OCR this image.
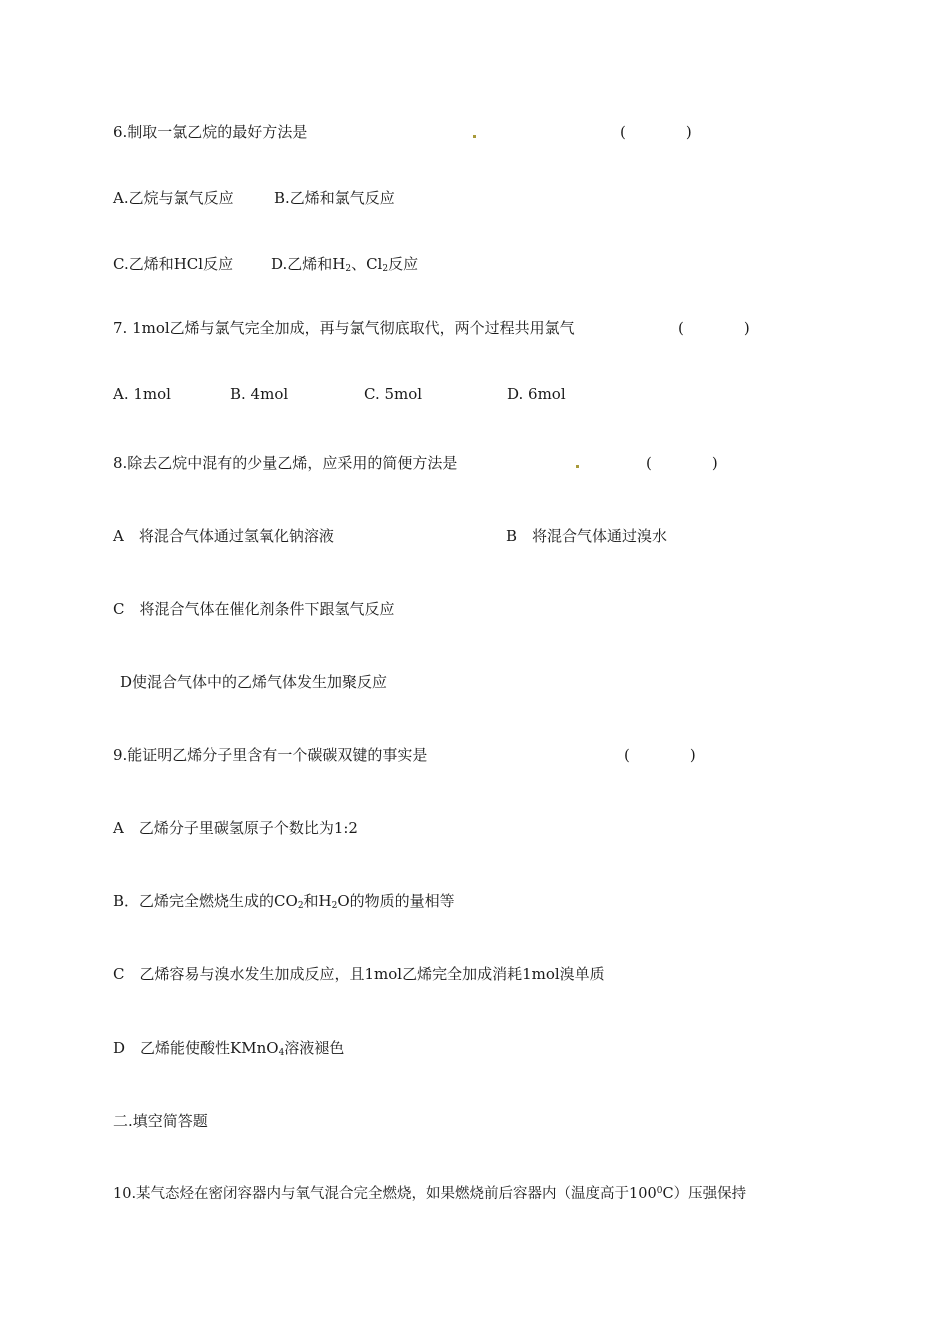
6.制取一氯乙烷的最好方法是	(　　　　)
A.乙烷与氯气反应	B.乙烯和氯气反应
C.乙烯和HCl反应	D.乙烯和$H_2$、$Cl_2$反应
7. 1mol乙烯与氯气完全加成，再与氯气彻底取代，两个过程共用氯气	(　　　　)
A. 1mol	B. 4mol	C. 5mol	D. 6mol
8.除去乙烷中混有的少量乙烯，应采用的简便方法是	(　　　　)
A　将混合气体通过氢氧化钠溶液	B　将混合气体通过溴水
C　将混合气体在催化剂条件下跟氢气反应
D使混合气体中的乙烯气体发生加聚反应
9.能证明乙烯分子里含有一个碳碳双键的事实是	(　　　　)
A　乙烯分子里碳氢原子个数比为1:2
B．乙烯完全燃烧生成的$CO_2$和$H_2O$的物质的量相等
C　乙烯容易与溴水发生加成反应，且1mol乙烯完全加成消耗1mol溴单质
D　乙烯能使酸性KMnO$_4$溶液褪色
二.填空简答题
10.某气态烃在密闭容器内与氧气混合完全燃烧，如果燃烧前后容器内（温度高于$100^0C$）压强保持
